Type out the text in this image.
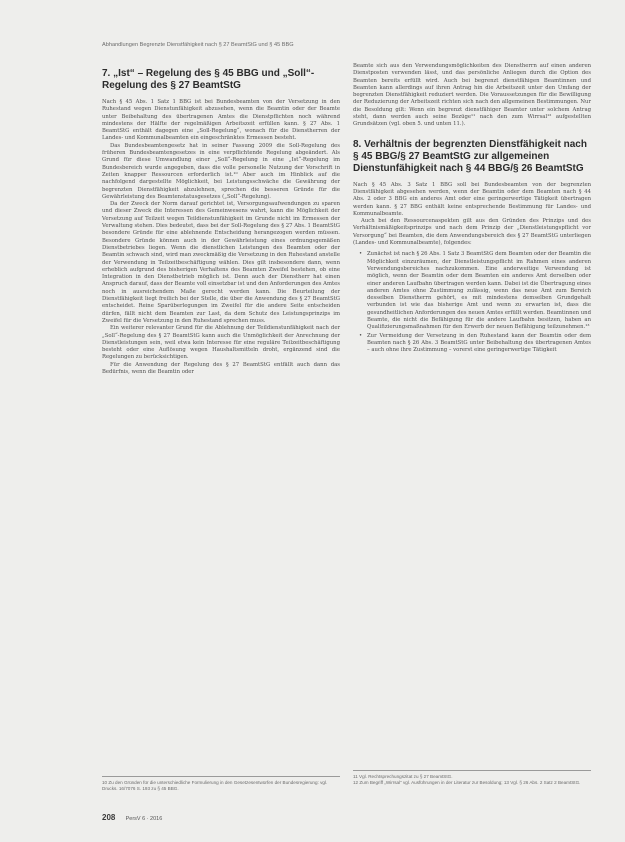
Abhandlungen Begrenzte Dienstfähigkeit nach § 27 BeamtStG und § 45 BBG
7. „Ist“ – Regelung des § 45 BBG und „Soll“-Regelung des § 27 BeamtStG

Nach § 45 Abs. 1 Satz 1 BBG ist bei Bundesbeamten von der Versetzung in den Ruhestand wegen Dienstunfähigkeit abzusehen, wenn die Beamtin oder der Beamte unter Beibehaltung des übertragenen Amtes die Dienstpflichten noch während mindestens der Hälfte der regelmäßigen Arbeitszeit erfüllen kann. § 27 Abs. 1 BeamtStG enthält dagegen eine „Soll-Regelung“, wonach für die Dienstherren der Landes- und Kommunalbeamten ein eingeschränktes Ermessen besteht.

Das Bundesbeamtengesetz hat in seiner Fassung 2009 die Soll-Regelung des früheren Bundesbeamtengesetzes in eine verpflichtende Regelung abgeändert. Als Grund für diese Umwandlung einer „Soll“-Regelung in eine „Ist“-Regelung im Bundesbereich wurde angegeben, dass die volle personelle Nutzung der Vorschrift in Zeiten knapper Ressourcen erforderlich ist.¹⁰ Aber auch im Hinblick auf die nachfolgend dargestellte Möglichkeit, bei Leistungsschwäche die Gewährung der begrenzten Dienstfähigkeit abzulehnen, sprechen die besseren Gründe für die Gewährleistung des Beamtenstatusgesetzes („Soll“-Regelung).

Da der Zweck der Norm darauf gerichtet ist, Versorgungsaufwendungen zu sparen und dieser Zweck die Interessen des Gemeinwesens wahrt, kann die Möglichkeit der Versetzung auf Teilzeit wegen Teildienstunfähigkeit im Grunde nicht im Ermessen der Verwaltung stehen. Dies bedeutet, dass bei der Soll-Regelung des § 27 Abs. 1 BeamtStG besondere Gründe für eine ablehnende Entscheidung herangezogen werden müssen. Besondere Gründe können auch in der Gewährleistung eines ordnungsgemäßen Dienstbetriebes liegen. Wenn die dienstlichen Leistungen des Beamten oder der Beamtin schwach sind, wird man zweckmäßig die Versetzung in den Ruhestand anstelle der Verwendung in Teilzeitbeschäftigung wählen. Dies gilt insbesondere dann, wenn erheblich aufgrund des bisherigen Verhaltens des Beamten Zweifel bestehen, ob eine Integration in den Dienstbetrieb möglich ist. Denn auch der Dienstherr hat einen Anspruch darauf, dass der Beamte voll einsetzbar ist und den Anforderungen des Amtes noch in ausreichendem Maße gerecht werden kann. Die Beurteilung der Dienstfähigkeit liegt freilich bei der Stelle, die über die Anwendung des § 27 BeamtStG entscheidet. Reine Sparüberlegungen im Zweifel für die andere Seite entscheiden dürfen, fällt nicht dem Beamten zur Last, da dem Schutz des Leistungsprinzips im Zweifel für die Versetzung in den Ruhestand sprechen muss.

Ein weiterer relevanter Grund für die Ablehnung der Teildienstunfähigkeit nach der „Soll“-Regelung des § 27 BeamtStG kann auch die Unmöglichkeit der Anrechnung der Dienstleistungen sein, weil etwa kein Interesse für eine reguläre Teilzeitbeschäftigung besteht oder eine Auflösung wegen Haushaltsmitteln droht, ergänzend sind die Regelungen zu berücksichtigen.

Für die Anwendung der Regelung des § 27 BeamtStG entfällt auch dann das Bedürfnis, wenn die Beamtin oder

Beamte sich aus den Verwendungsmöglichkeiten des Dienstherrn auf einen anderen Dienstposten verwenden lässt, und das persönliche Anliegen durch die Option des Beamten bereits erfüllt wird. Auch bei begrenzt dienstfähigen Beamtinnen und Beamten kann allerdings auf ihren Antrag hin die Arbeitszeit unter den Umfang der begrenzten Dienstfähigkeit reduziert werden. Die Voraussetzungen für die Bewilligung der Reduzierung der Arbeitszeit richten sich nach den allgemeinen Bestimmungen. Nur die Besoldung gilt: Wenn ein begrenzt dienstfähiger Beamter unter solchem Antrag steht, dann werden auch seine Bezüge¹¹ nach den zum Wirrsal¹² aufgestellten Grundsätzen (vgl. oben 5. und unten 11.).

8. Verhältnis der begrenzten Dienstfähigkeit nach § 45 BBG/§ 27 BeamtStG zur allgemeinen Dienstunfähigkeit nach § 44 BBG/§ 26 BeamtStG

Nach § 45 Abs. 3 Satz 1 BBG soll bei Bundesbeamten von der begrenzten Dienstfähigkeit abgesehen werden, wenn der Beamtin oder dem Beamten nach § 44 Abs. 2 oder 3 BBG ein anderes Amt oder eine geringerwertige Tätigkeit übertragen werden kann. § 27 BBG enthält keine entsprechende Bestimmung für Landes- und Kommunalbeamte.

Auch bei den Ressourcenaspekten gilt aus den Gründen des Prinzips und des Verhältnismäßigkeitsprinzips und nach dem Prinzip der „Dienstleistungspflicht vor Versorgung“ bei Beamten, die dem Anwendungsbereich des § 27 BeamtStG unterliegen (Landes- und Kommunalbeamte), folgendes:

• Zunächst ist nach § 26 Abs. 1 Satz 3 BeamtStG dem Beamten oder der Beamtin die Möglichkeit einzuräumen, der Dienstleistungspflicht im Rahmen eines anderen Verwendungsbereiches nachzukommen. Eine anderweitige Verwendung ist möglich, wenn der Beamtin oder dem Beamten ein anderes Amt derselben oder einer anderen Laufbahn übertragen werden kann. Dabei ist die Übertragung eines anderen Amtes ohne Zustimmung zulässig, wenn das neue Amt zum Bereich desselben Dienstherrn gehört, es mit mindestens demselben Grundgehalt verbunden ist wie das bisherige Amt und wenn zu erwarten ist, dass die gesundheitlichen Anforderungen des neuen Amtes erfüllt werden. Beamtinnen und Beamte, die nicht die Befähigung für die andere Laufbahn besitzen, haben an Qualifizierungsmaßnahmen für den Erwerb der neuen Befähigung teilzunehmen.¹³
• Zur Vermeidung der Versetzung in den Ruhestand kann der Beamtin oder dem Beamten nach § 26 Abs. 3 BeamtStG unter Beibehaltung des übertragenen Amtes – auch ohne ihre Zustimmung – vorerst eine geringerwertige Tätigkeit
10 Zu den Gründen für die unterschiedliche Formulierung in den Gesetzesentwürfen der Bundesregierung: vgl. Drucks. 16/7076 S. 193 zu § 45 BBG.
11 Vgl. Rechtsprechungszitat zu § 27 BeamtStG.
12 Zum Begriff „Wirrsal“ vgl. Ausführungen in der Literatur zur Besoldung; 13 Vgl. § 26 Abs. 2 Satz 2 BeamtStG.
208 PersV 6 · 2016
